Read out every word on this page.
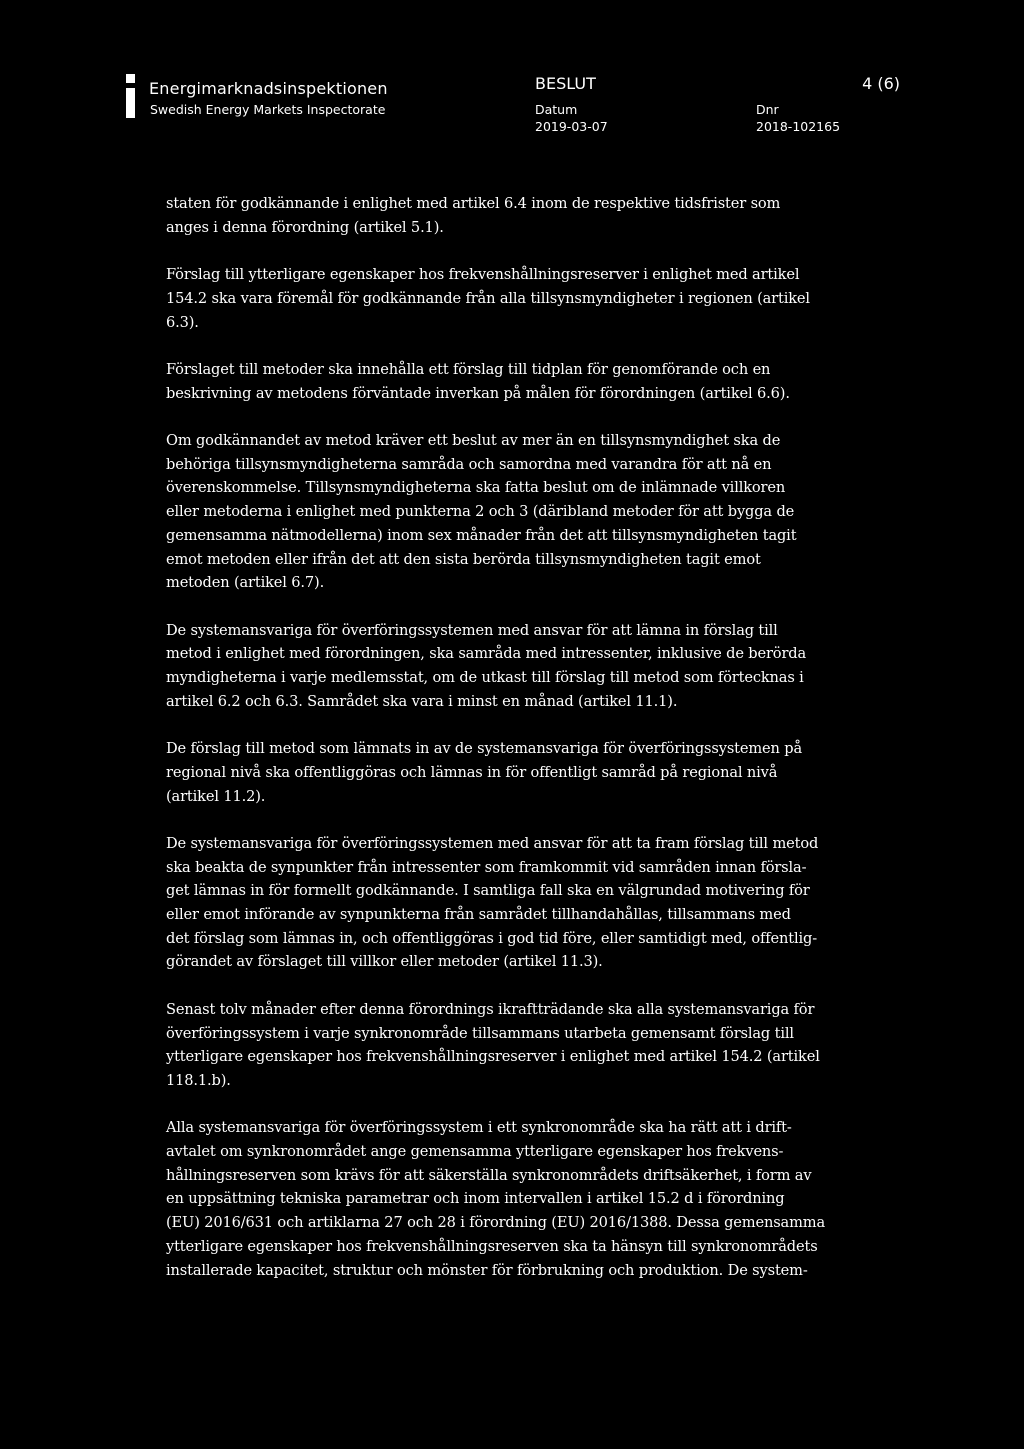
Energimarknadsinspektionen
Swedish Energy Markets Inspectorate
BESLUT
Datum
2019-03-07
Dnr
2018-102165
4 (6)

staten för godkännande i enlighet med artikel 6.4 inom de respektive tidsfrister som
anges i denna förordning (artikel 5.1).

Förslag till ytterligare egenskaper hos frekvenshållningsreserver i enlighet med artikel
154.2 ska vara föremål för godkännande från alla tillsynsmyndigheter i regionen (artikel
6.3).

Förslaget till metoder ska innehålla ett förslag till tidplan för genomförande och en
beskrivning av metodens förväntade inverkan på målen för förordningen (artikel 6.6).

Om godkännandet av metod kräver ett beslut av mer än en tillsynsmyndighet ska de
behöriga tillsynsmyndigheterna samråda och samordna med varandra för att nå en
överenskommelse. Tillsynsmyndigheterna ska fatta beslut om de inlämnade villkoren
eller metoderna i enlighet med punkterna 2 och 3 (däribland metoder för att bygga de
gemensamma nätmodellerna) inom sex månader från det att tillsynsmyndigheten tagit
emot metoden eller ifrån det att den sista berörda tillsynsmyndigheten tagit emot
metoden (artikel 6.7).

De systemansvariga för överföringssystemen med ansvar för att lämna in förslag till
metod i enlighet med förordningen, ska samråda med intressenter, inklusive de berörda
myndigheterna i varje medlemsstat, om de utkast till förslag till metod som förtecknas i
artikel 6.2 och 6.3. Samrådet ska vara i minst en månad (artikel 11.1).

De förslag till metod som lämnats in av de systemansvariga för överföringssystemen på
regional nivå ska offentliggöras och lämnas in för offentligt samråd på regional nivå
(artikel 11.2).

De systemansvariga för överföringssystemen med ansvar för att ta fram förslag till metod
ska beakta de synpunkter från intressenter som framkommit vid samråden innan försla-
get lämnas in för formellt godkännande. I samtliga fall ska en välgrundad motivering för
eller emot införande av synpunkterna från samrådet tillhandahållas, tillsammans med
det förslag som lämnas in, och offentliggöras i god tid före, eller samtidigt med, offentlig-
görandet av förslaget till villkor eller metoder (artikel 11.3).

Senast tolv månader efter denna förordnings ikraftträdande ska alla systemansvariga för
överföringssystem i varje synkronområde tillsammans utarbeta gemensamt förslag till
ytterligare egenskaper hos frekvenshållningsreserver i enlighet med artikel 154.2 (artikel
118.1.b).

Alla systemansvariga för överföringssystem i ett synkronområde ska ha rätt att i drift-
avtalet om synkronområdet ange gemensamma ytterligare egenskaper hos frekvens-
hållningsreserven som krävs för att säkerställa synkronområdets driftsäkerhet, i form av
en uppsättning tekniska parametrar och inom intervallen i artikel 15.2 d i förordning
(EU) 2016/631 och artiklarna 27 och 28 i förordning (EU) 2016/1388. Dessa gemensamma
ytterligare egenskaper hos frekvenshållningsreserven ska ta hänsyn till synkronområdets
installerade kapacitet, struktur och mönster för förbrukning och produktion. De system-
